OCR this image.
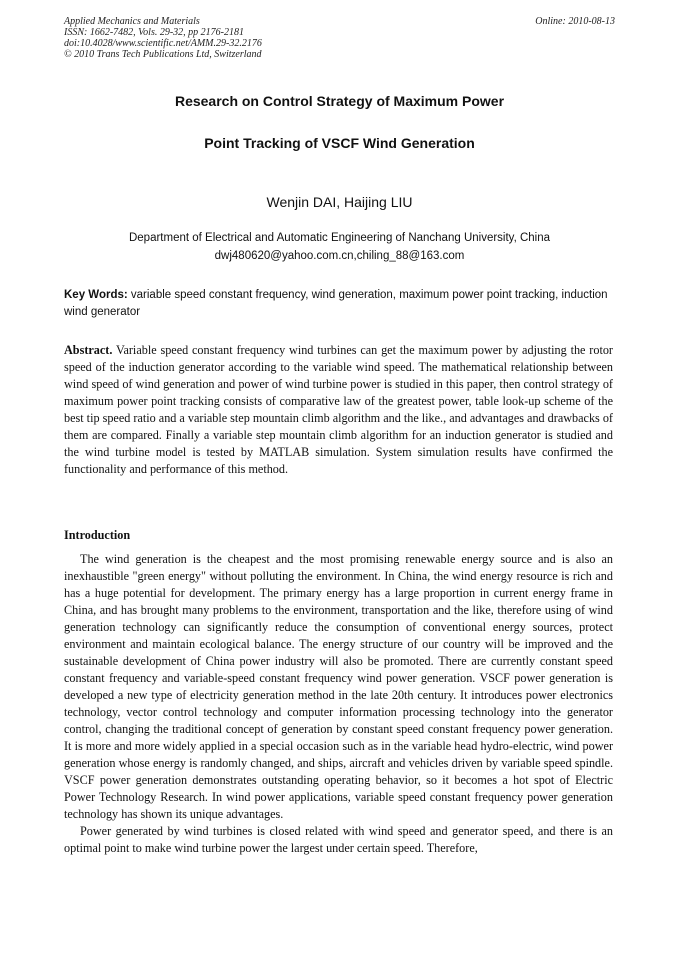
Applied Mechanics and Materials
ISSN: 1662-7482, Vols. 29-32, pp 2176-2181
doi:10.4028/www.scientific.net/AMM.29-32.2176
© 2010 Trans Tech Publications Ltd, Switzerland
Online: 2010-08-13
Research on Control Strategy of Maximum Power
Point Tracking of VSCF Wind Generation
Wenjin DAI, Haijing LIU
Department of Electrical and Automatic Engineering of Nanchang University, China
dwj480620@yahoo.com.cn,chiling_88@163.com
Key Words: variable speed constant frequency, wind generation, maximum power point tracking, induction wind generator
Abstract. Variable speed constant frequency wind turbines can get the maximum power by adjusting the rotor speed of the induction generator according to the variable wind speed. The mathematical relationship between wind speed of wind generation and power of wind turbine power is studied in this paper, then control strategy of maximum power point tracking consists of comparative law of the greatest power, table look-up scheme of the best tip speed ratio and a variable step mountain climb algorithm and the like., and advantages and drawbacks of them are compared. Finally a variable step mountain climb algorithm for an induction generator is studied and the wind turbine model is tested by MATLAB simulation. System simulation results have confirmed the functionality and performance of this method.
Introduction

The wind generation is the cheapest and the most promising renewable energy source and is also an inexhaustible "green energy" without polluting the environment. In China, the wind energy resource is rich and has a huge potential for development. The primary energy has a large proportion in current energy frame in China, and has brought many problems to the environment, transportation and the like, therefore using of wind generation technology can significantly reduce the consumption of conventional energy sources, protect environment and maintain ecological balance. The energy structure of our country will be improved and the sustainable development of China power industry will also be promoted. There are currently constant speed constant frequency and variable-speed constant frequency wind power generation. VSCF power generation is developed a new type of electricity generation method in the late 20th century. It introduces power electronics technology, vector control technology and computer information processing technology into the generator control, changing the traditional concept of generation by constant speed constant frequency power generation. It is more and more widely applied in a special occasion such as in the variable head hydro-electric, wind power generation whose energy is randomly changed, and ships, aircraft and vehicles driven by variable speed spindle. VSCF power generation demonstrates outstanding operating behavior, so it becomes a hot spot of Electric Power Technology Research. In wind power applications, variable speed constant frequency power generation technology has shown its unique advantages.

Power generated by wind turbines is closed related with wind speed and generator speed, and there is an optimal point to make wind turbine power the largest under certain speed. Therefore,
